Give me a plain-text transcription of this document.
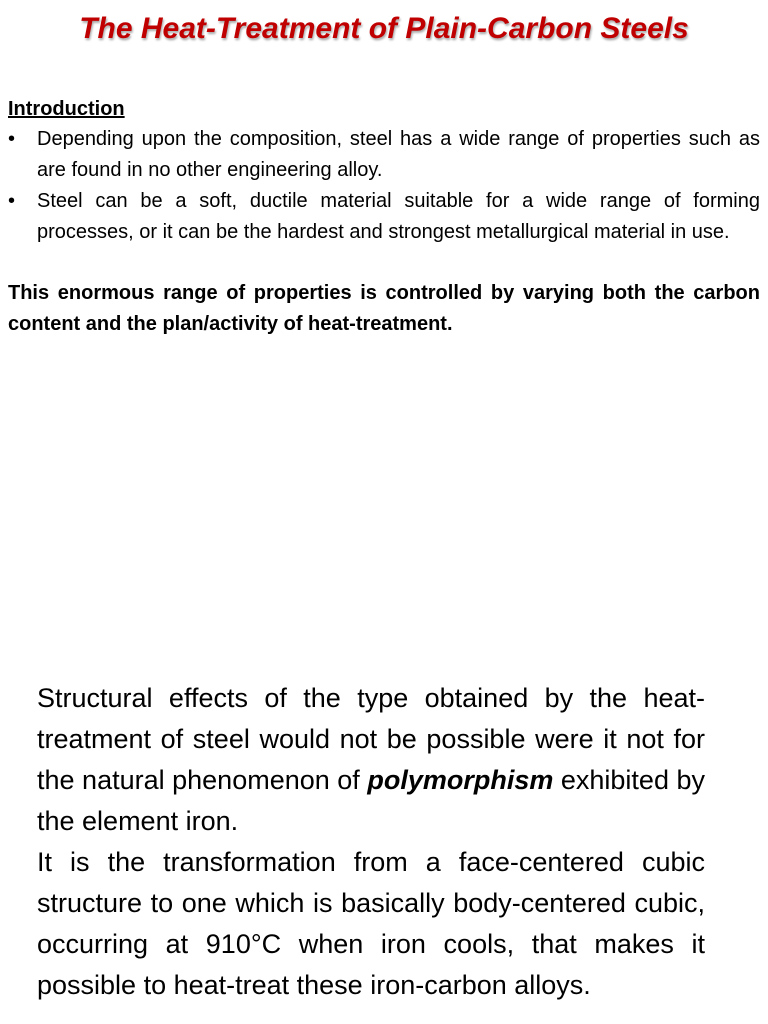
The Heat-Treatment of Plain-Carbon Steels
Introduction
• Depending upon the composition, steel has a wide range of properties such as are found in no other engineering alloy.
• Steel can be a soft, ductile material suitable for a wide range of forming processes, or it can be the hardest and strongest metallurgical material in use.

This enormous range of properties is controlled by varying both the carbon content and the plan/activity of heat-treatment.

Structural effects of the type obtained by the heat-treatment of steel would not be possible were it not for the natural phenomenon of polymorphism exhibited by the element iron.
It is the transformation from a face-centered cubic structure to one which is basically body-centered cubic, occurring at 910°C when iron cools, that makes it possible to heat-treat these iron-carbon alloys.
